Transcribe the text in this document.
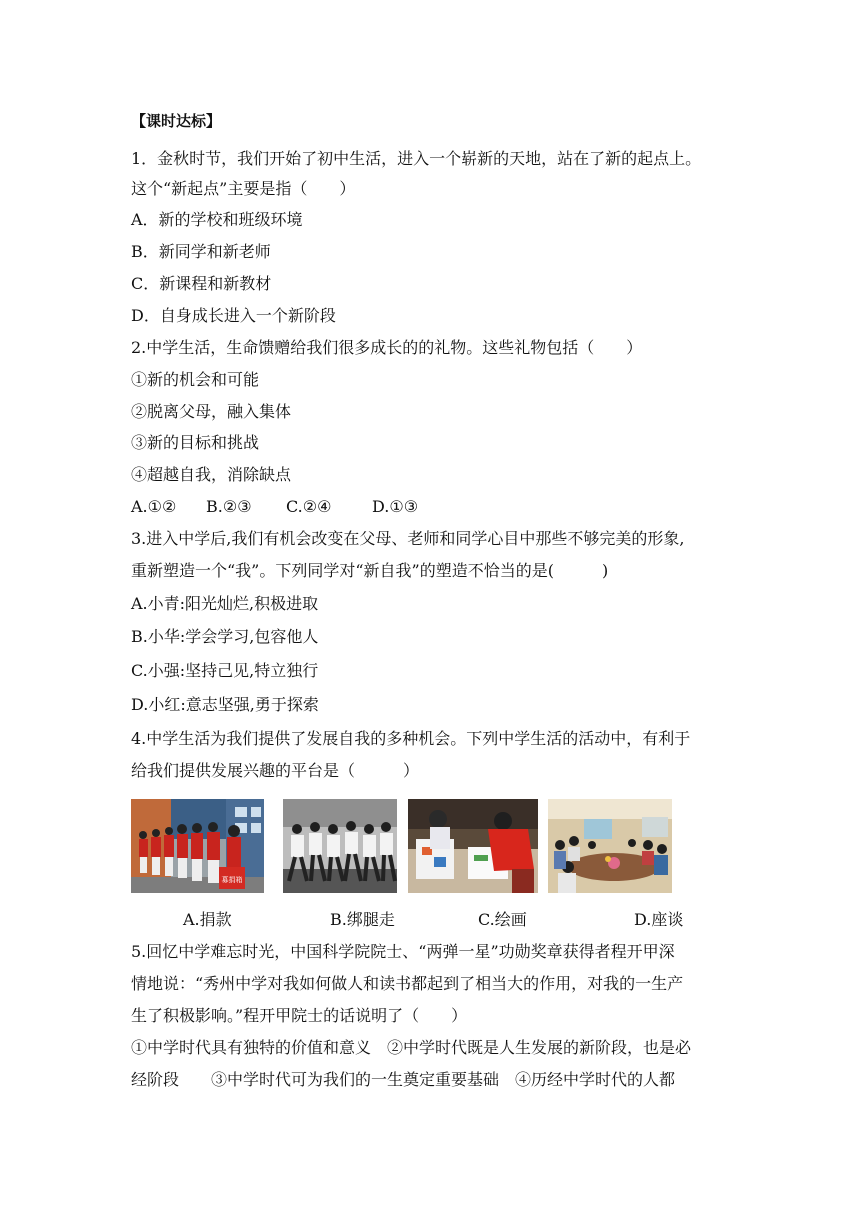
【课时达标】
1．金秋时节，我们开始了初中生活，进入一个崭新的天地，站在了新的起点上。
这个“新起点”主要是指（　　）
A．新的学校和班级环境
B．新同学和新老师
C．新课程和新教材
D．自身成长进入一个新阶段
2.中学生活，生命馈赠给我们很多成长的的礼物。这些礼物包括（　　）
①新的机会和可能
②脱离父母，融入集体
③新的目标和挑战
④超越自我，消除缺点
A.①② B.②③ C.②④	D.①③
3.进入中学后,我们有机会改变在父母、老师和同学心目中那些不够完美的形象,
重新塑造一个“我”。下列同学对“新自我”的塑造不恰当的是(　　　)
A.小青:阳光灿烂,积极进取
B.小华:学会学习,包容他人
C.小强:坚持己见,特立独行
D.小红:意志坚强,勇于探索
4.中学生活为我们提供了发展自我的多种机会。下列中学生活的活动中，有利于
给我们提供发展兴趣的平台是（　　　）
募捐箱
A.捐款	B.绑腿走	C.绘画	D.座谈
5.回忆中学难忘时光，中国科学院院士、“两弹一星”功勋奖章获得者程开甲深
情地说：“秀州中学对我如何做人和读书都起到了相当大的作用，对我的一生产
生了积极影响。”程开甲院士的话说明了（　　）
①中学时代具有独特的价值和意义　②中学时代既是人生发展的新阶段，也是必
经阶段　　③中学时代可为我们的一生奠定重要基础　④历经中学时代的人都
